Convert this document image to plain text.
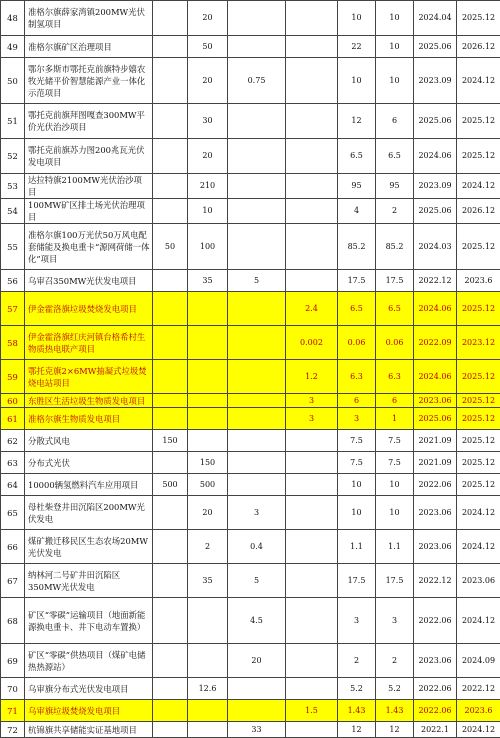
48	准格尔旗薛家湾镇200MW光伏制氢项目		20			10	10	2024.04	2025.12
49	准格尔旗矿区治理项目		50			22	10	2025.06	2026.12
50	鄂尔多斯市鄂托克前旗特步嬉农牧光储平价智慧能源产业一体化示范项目		20	0.75		10	10	2023.09	2024.12
51	鄂托克前旗拜图嘎查300MW平价光伏治沙项目		30			12	6	2025.06	2025.12
52	鄂托克前旗苏力图200兆瓦光伏发电项目		20			6.5	6.5	2024.06	2025.12
53	达拉特旗2100MW光伏治沙项目		210			95	95	2023.09	2024.12
54	100MW矿区排土场光伏治理项目		10			4	2	2025.06	2026.12
55	准格尔旗100万光伏50万风电配套储能及换电重卡“源网荷储一体化”项目	50	100			85.2	85.2	2024.03	2025.12
56	乌审召350MW光伏发电项目		35	5		17.5	17.5	2022.12	2023.6
57	伊金霍洛旗垃圾焚烧发电项目				2.4	6.5	6.5	2024.06	2025.12
58	伊金霍洛旗红庆河镇台格希村生物质热电联产项目				0.002	0.06	0.06	2022.09	2023.12
59	鄂托克旗2×6MW抽凝式垃圾焚烧电站项目				1.2	6.3	6.3	2024.06	2025.12
60	东胜区生活垃圾生物质发电项目				3	6	6	2023.06	2025.12
61	准格尔旗生物质发电项目				3	3	1	2025.06	2025.12
62	分散式风电	150				7.5	7.5	2021.09	2025.12
63	分布式光伏		150			7.5	7.5	2021.09	2025.12
64	10000辆氢燃料汽车应用项目	500	500			10	10	2022.06	2025.12
65	母杜柴登井田沉陷区200MW光伏发电		20	3		10	10	2023.06	2024.12
66	煤矿搬迁移民区生态农场20MW光伏发电		2	0.4		1.1	1.1	2023.06	2024.12
67	纳林河二号矿井田沉陷区350MW光伏发电		35	5		17.5	17.5	2022.12	2023.06
68	矿区“零碳”运输项目（地面新能源换电重卡、井下电动车置换）			4.5		3	3	2022.06	2024.12
69	矿区“零碳”供热项目（煤矿电储热热源站）			20		2	2	2023.06	2024.09
70	乌审旗分布式光伏发电项目		12.6			5.2	5.2	2022.06	2022.12
71	乌审旗垃圾焚烧发电项目				1.5	1.43	1.43	2022.06	2023.6
72	杭锦旗共享储能实证基地项目			33		12	12	2022.1	2024.12
